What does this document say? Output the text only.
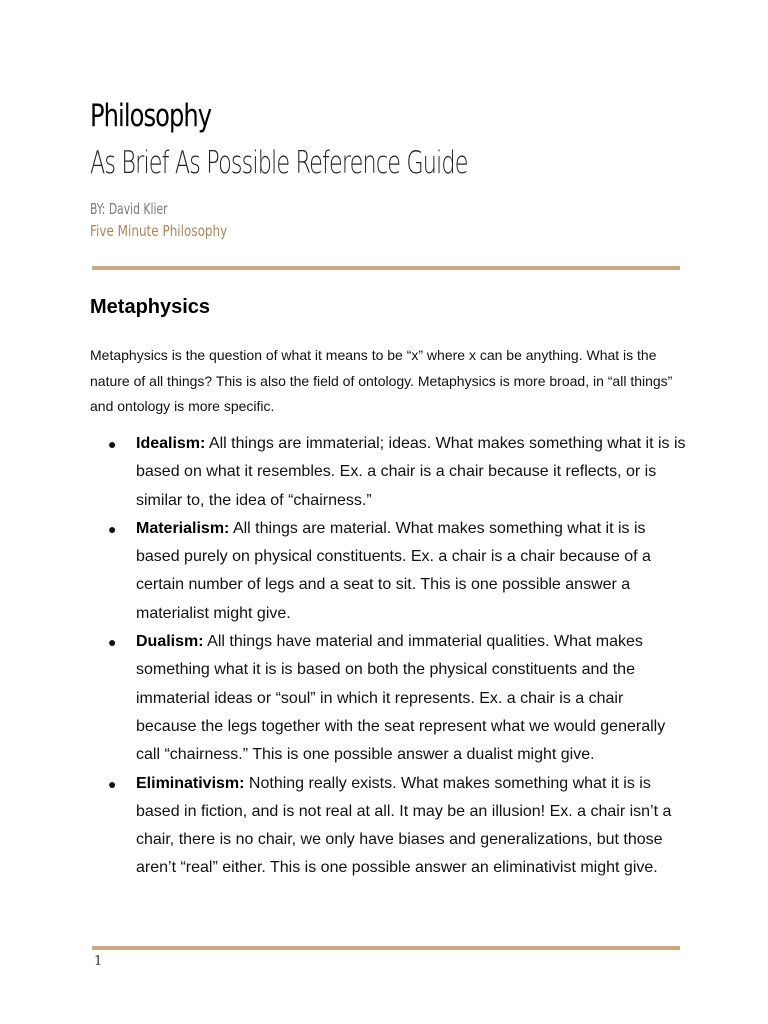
Philosophy
As Brief As Possible Reference Guide
BY: David Klier
Five Minute Philosophy
Metaphysics
Metaphysics is the question of what it means to be “x” where x can be anything. What is the nature of all things? This is also the field of ontology. Metaphysics is more broad, in “all things” and ontology is more specific.
● Idealism: All things are immaterial; ideas. What makes something what it is is based on what it resembles. Ex. a chair is a chair because it reflects, or is similar to, the idea of “chairness.”
● Materialism: All things are material. What makes something what it is is based purely on physical constituents. Ex. a chair is a chair because of a certain number of legs and a seat to sit. This is one possible answer a materialist might give.
● Dualism: All things have material and immaterial qualities. What makes something what it is is based on both the physical constituents and the immaterial ideas or “soul” in which it represents. Ex. a chair is a chair because the legs together with the seat represent what we would generally call “chairness.” This is one possible answer a dualist might give.
● Eliminativism: Nothing really exists. What makes something what it is is based in fiction, and is not real at all. It may be an illusion! Ex. a chair isn’t a chair, there is no chair, we only have biases and generalizations, but those aren’t “real” either. This is one possible answer an eliminativist might give.
1
